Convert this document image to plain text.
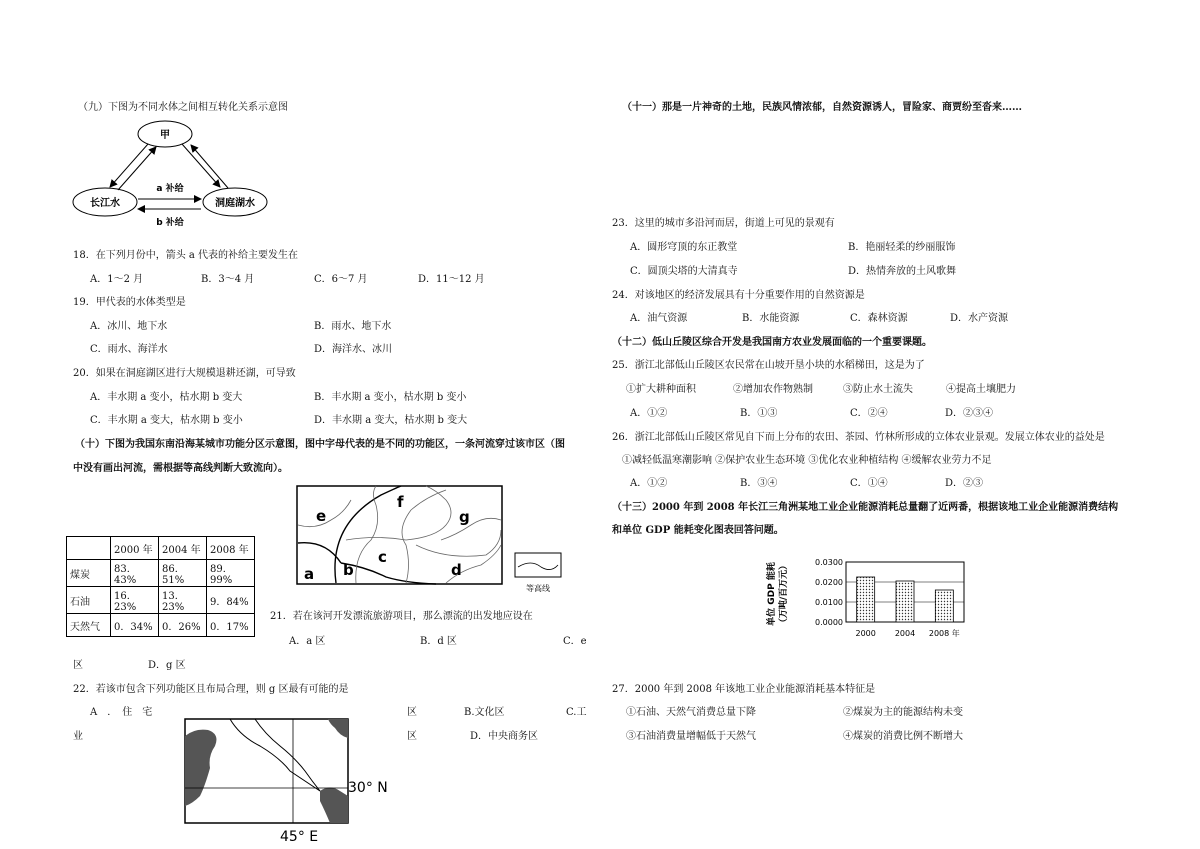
（九）下图为不同水体之间相互转化关系示意图
甲
长江水	洞庭湖水
a 补给
b 补给
18．在下列月份中，箭头 a 代表的补给主要发生在
A．1～2 月	B．3～4 月	C．6～7 月	D．11～12 月
19．甲代表的水体类型是
A．冰川、地下水	B．雨水、地下水
C．雨水、海洋水	D．海洋水、冰川
20．如果在洞庭湖区进行大规模退耕还湖，可导致
A．丰水期 a 变小，枯水期 b 变大	B．丰水期 a 变小，枯水期 b 变小
C．丰水期 a 变大，枯水期 b 变小	D．丰水期 a 变大，枯水期 b 变大
（十）下图为我国东南沿海某城市功能分区示意图，图中字母代表的是不同的功能区，一条河流穿过该市区（图
中没有画出河流，需根据等高线判断大致流向）。
	2000 年	2004 年	2008 年
煤炭	83．43%	86．51%	89．99%
石油	16．23%	13．23%	9．84%
天然气	0．34%	0．26%	0．17%
a b
c
d
e
f
g
等高线
21．若在该河开发漂流旅游项目，那么漂流的出发地应设在
A．a 区	B．d 区	C．e
区	D．g 区
22．若该市包含下列功能区且布局合理，则 g 区最有可能的是
A　．　住　宅
业
区
区
B.文化区	C.工
D．中央商务区
30° N
45° E
（十一）那是一片神奇的土地，民族风情浓郁，自然资源诱人，冒险家、商贾纷至沓来……
23．这里的城市多沿河而居，街道上可见的景观有
A．圆形穹顶的东正教堂	B．艳丽轻柔的纱丽服饰
C．圆顶尖塔的大清真寺	D．热情奔放的土风歌舞
24．对该地区的经济发展具有十分重要作用的自然资源是
A．油气资源	B．水能资源	C．森林资源	D．水产资源
（十二）低山丘陵区综合开发是我国南方农业发展面临的一个重要课题。
25．浙江北部低山丘陵区农民常在山坡开垦小块的水稻梯田，这是为了
①扩大耕种面积	②增加农作物熟制	③防止水土流失	④提高土壤肥力
A．①②	B．①③	C．②④	D．②③④
26．浙江北部低山丘陵区常见自下而上分布的农田、茶园、竹林所形成的立体农业景观。发展立体农业的益处是
①减轻低温寒潮影响 ②保护农业生态环境 ③优化农业种植结构 ④缓解农业劳力不足
A．①②	B．③④	C．①④	D．②③
（十三）2000 年到 2008 年长江三角洲某地工业企业能源消耗总量翻了近两番，根据该地工业企业能源消费结构
和单位 GDP 能耗变化图表回答问题。
单位 GDP 能耗 （万吨/百万元）	0.0300
0.0200
0.0100
0.0000
2000 2004 2008 年
27．2000 年到 2008 年该地工业企业能源消耗基本特征是
①石油、天然气消费总量下降	②煤炭为主的能源结构未变
③石油消费量增幅低于天然气	④煤炭的消费比例不断增大
